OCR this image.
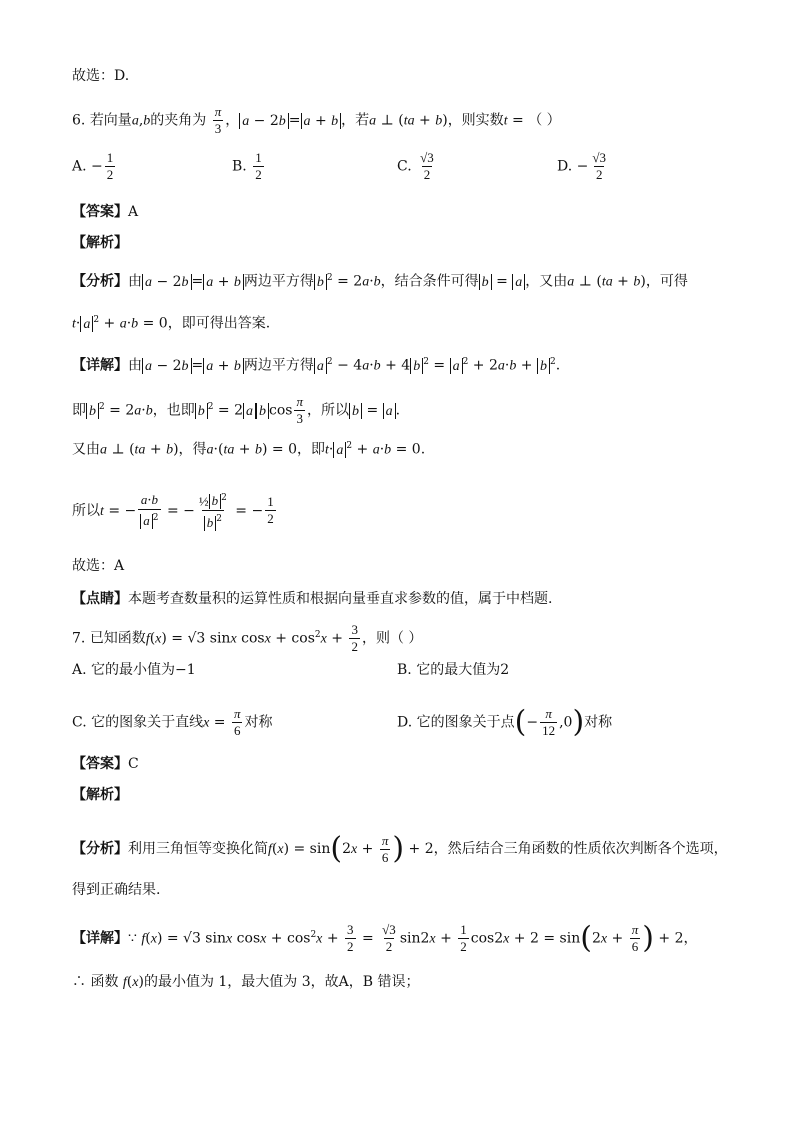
故选：D.
6. 若向量a,b的夹角为 $\frac{\pi}{3}$ ， a − 2b = a + b ，若a ⊥ (ta + b)，则实数t = （ ）
A. − $\frac{1}{2}$	B. $\frac{1}{2}$	C. $\frac{√3}{2}$	D. − $\frac{√3}{2}$
【答案】A
【解析】
【分析】由 a − 2b = a + b 两边平方得 b $^2$ = 2a·b，结合条件可得 b = a ，又由a ⊥ (ta + b)，可得
t· a $^2$ + a·b = 0，即可得出答案.
【详解】由 a − 2b = a + b 两边平方得 a $^2$ − 4a·b + 4 b $^2$ = a $^2$ + 2a·b + b $^2$.
即 b $^2$ = 2a·b，也即 b $^2$ = 2 a b $\cos \frac{\pi}{3}$ ，所以 b = a .
又由a ⊥ (ta + b)，得a·(ta + b) = 0，即t· a $^2$ + a·b = 0.
所以t = − $\frac{a\cdot b}{a ^2}$ = − $\frac{\frac{1}{2} b ^2}{b ^2}$ = − $\frac{1}{2}$
故选：A
【点睛】本题考查数量积的运算性质和根据向量垂直求参数的值，属于中档题.
7. 已知函数f(x) = √3 sinx $\cos x + \cos^2x + \frac{3}{2}$ ，则（ ）
A. 它的最小值为−1	B. 它的最大值为2
C. 它的图象关于直线$x = \frac{\pi}{6}$ 对称	D. 它的图象关于点(− $\frac{\pi}{12} ,0$)对称
【答案】C
【解析】
【分析】利用三角恒等变换化简$f(x) = \sin(2x + \frac{\pi}{6}$ ) + 2，然后结合三角函数的性质依次判断各个选项，
得到正确结果.
【详解】∵ f(x) = √3 sinx $\cos x + \cos^2x + \frac{3}{2} = \frac{√3}{2} \sin 2x + \frac{1}{2} \cos 2x + 2 = \sin(2x + \frac{\pi}{6}$ ) + 2，
∴ 函数 f(x)的最小值为 1，最大值为 3，故A，B 错误；
